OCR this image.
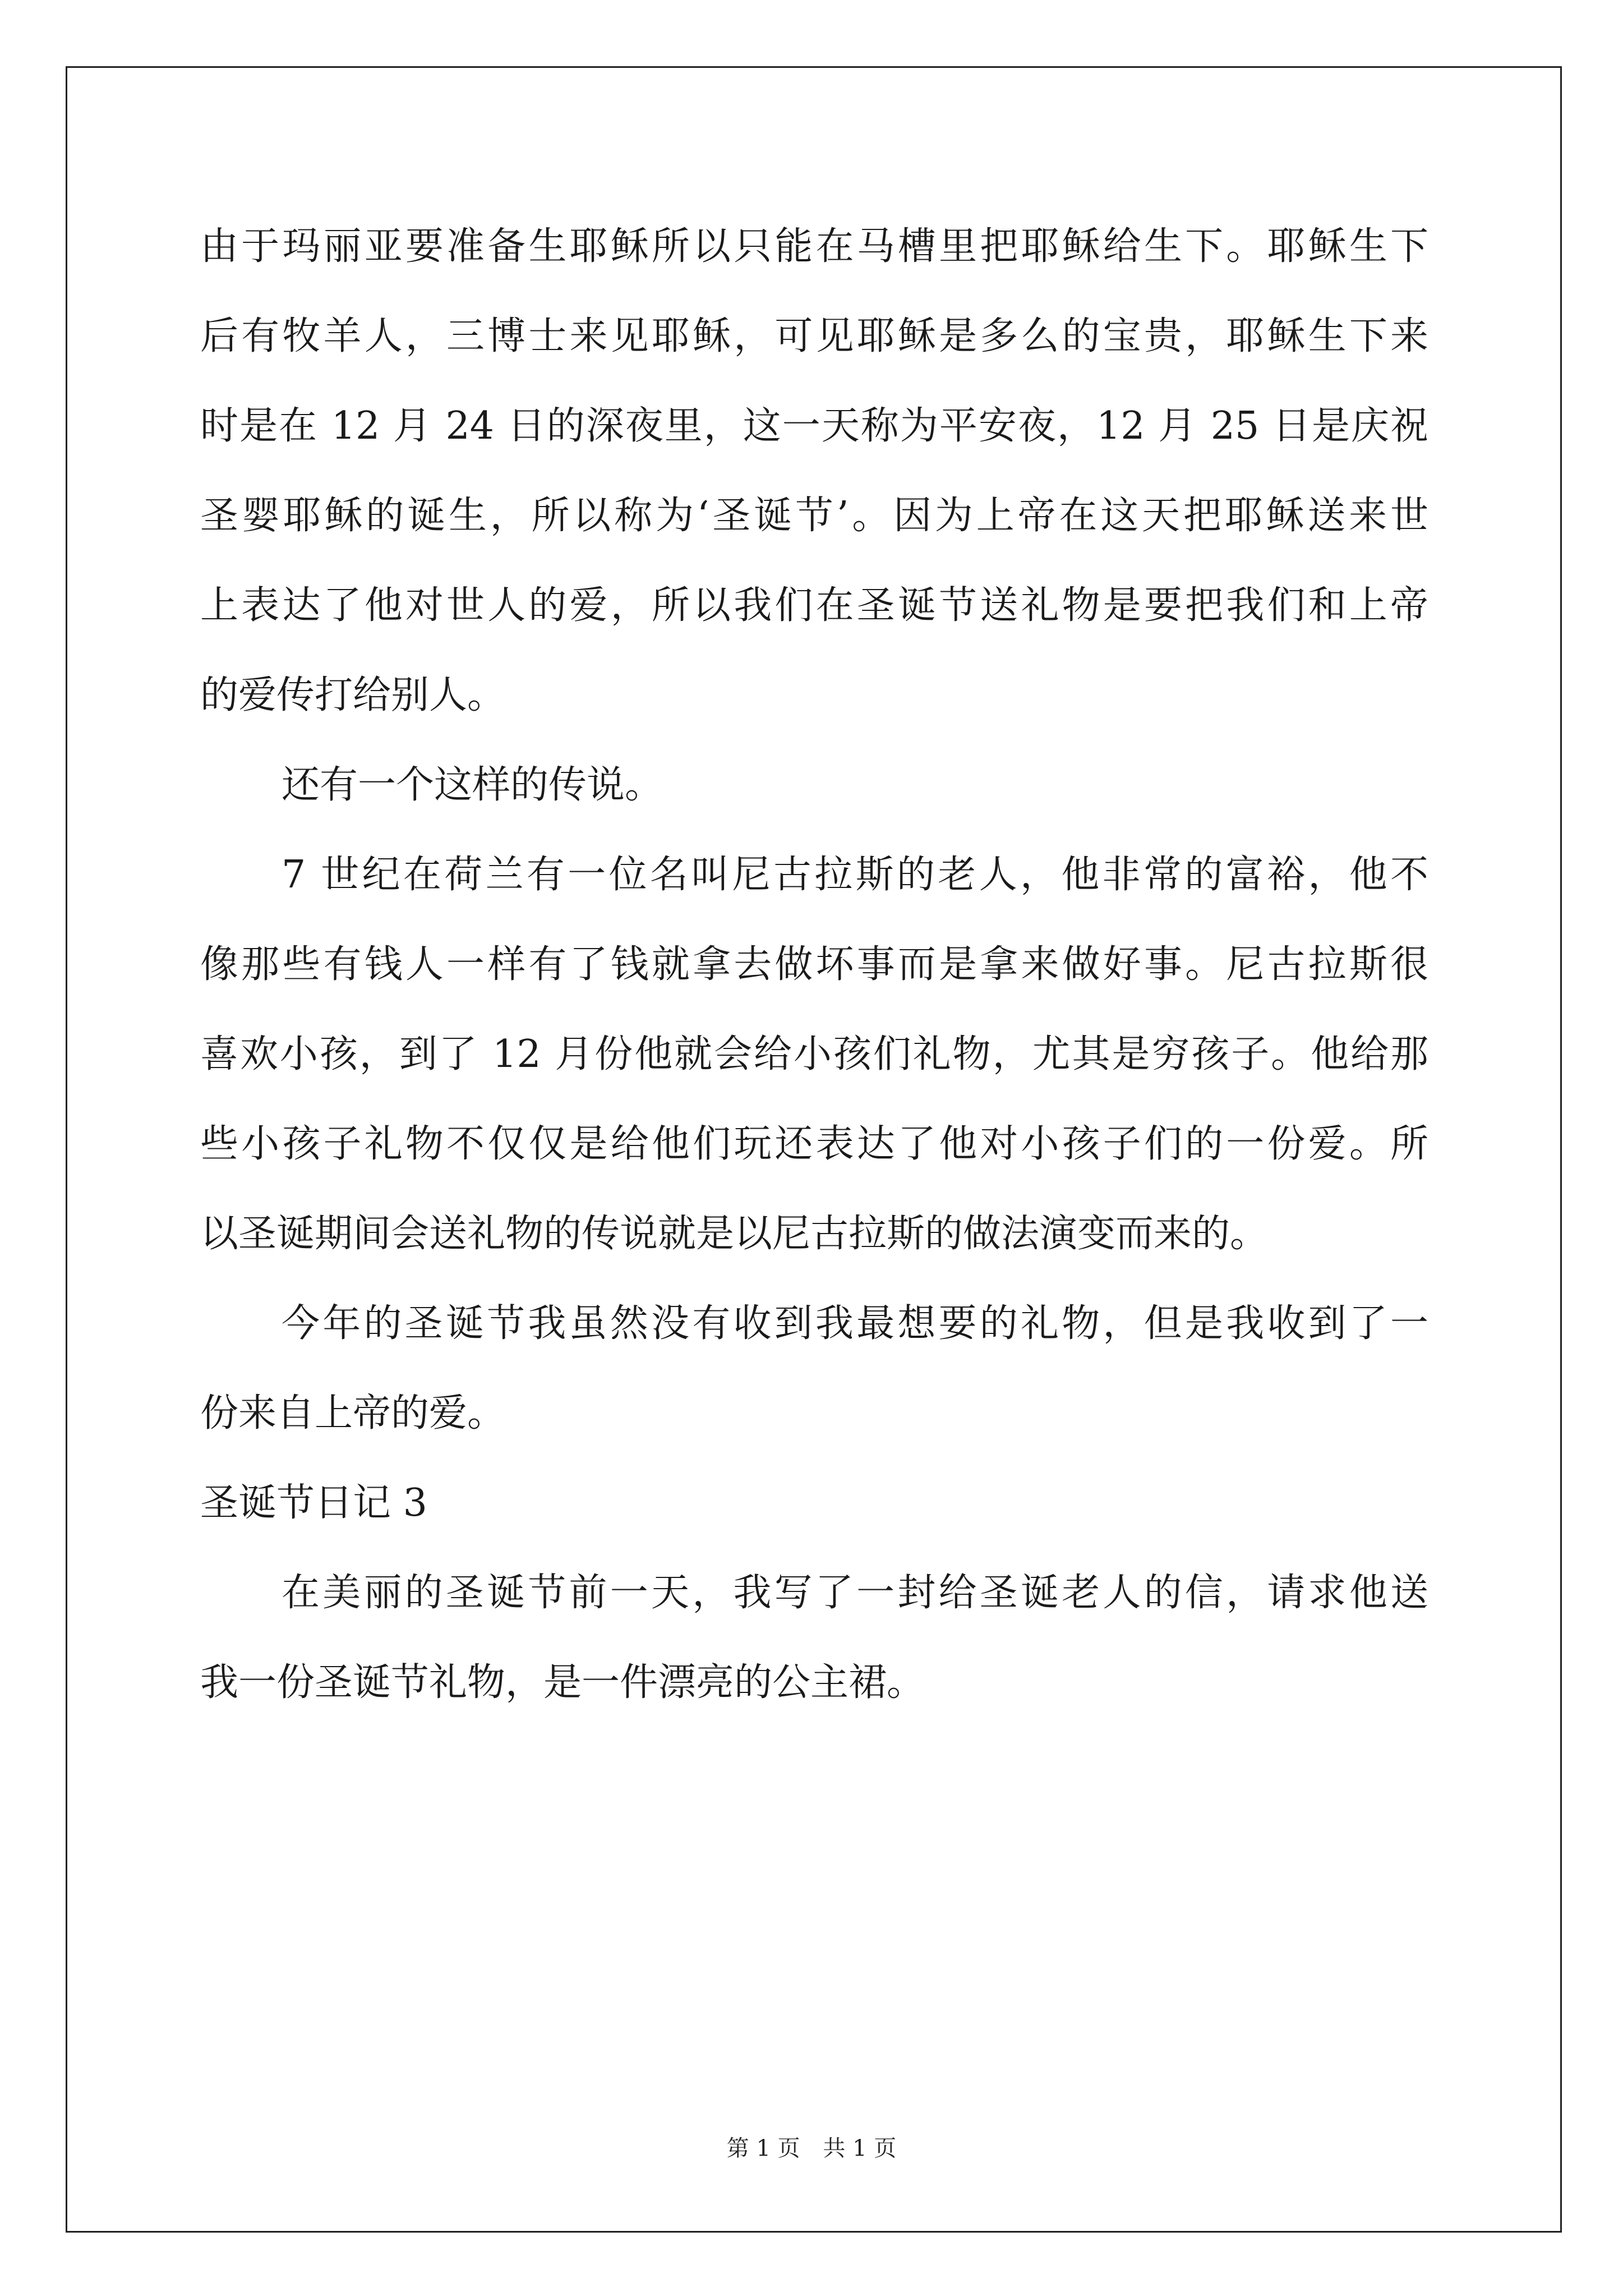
由于玛丽亚要准备生耶稣所以只能在马槽里把耶稣给生下。耶稣生下
后有牧羊人，三博士来见耶稣，可见耶稣是多么的宝贵，耶稣生下来
时是在 12 月 24 日的深夜里，这一天称为平安夜，12 月 25 日是庆祝
圣婴耶稣的诞生，所以称为‘圣诞节’。因为上帝在这天把耶稣送来世
上表达了他对世人的爱，所以我们在圣诞节送礼物是要把我们和上帝
的爱传打给别人。
还有一个这样的传说。
7 世纪在荷兰有一位名叫尼古拉斯的老人，他非常的富裕，他不
像那些有钱人一样有了钱就拿去做坏事而是拿来做好事。尼古拉斯很
喜欢小孩，到了 12 月份他就会给小孩们礼物，尤其是穷孩子。他给那
些小孩子礼物不仅仅是给他们玩还表达了他对小孩子们的一份爱。所
以圣诞期间会送礼物的传说就是以尼古拉斯的做法演变而来的。
今年的圣诞节我虽然没有收到我最想要的礼物，但是我收到了一
份来自上帝的爱。
圣诞节日记 3
在美丽的圣诞节前一天，我写了一封给圣诞老人的信，请求他送
我一份圣诞节礼物，是一件漂亮的公主裙。
第 1 页 共 1 页
